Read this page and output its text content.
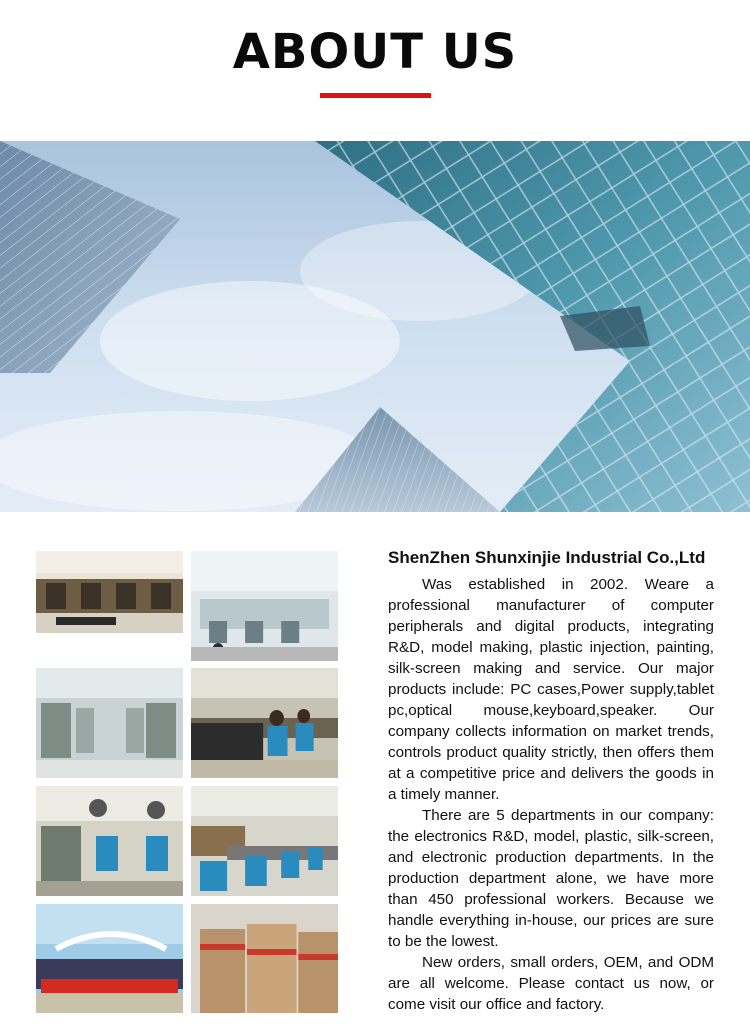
ABOUT US

ShenZhen Shunxinjie Industrial Co.,Ltd

Was established in 2002. Weare a professional manufacturer of computer peripherals and digital products, integrating R&D, model making, plastic injection, painting, silk-screen making and service. Our major products include: PC cases,Power supply,tablet pc,optical mouse,keyboard,speaker. Our company collects information on market trends, controls product quality strictly, then offers them at a competitive price and delivers the goods in a timely manner.

There are 5 departments in our company: the electronics R&D, model, plastic, silk-screen, and electronic production departments. In the production department alone, we have more than 450 professional workers. Because we handle everything in-house, our prices are sure to be the lowest.

New orders, small orders, OEM, and ODM are all welcome. Please contact us now, or come visit our office and factory.
